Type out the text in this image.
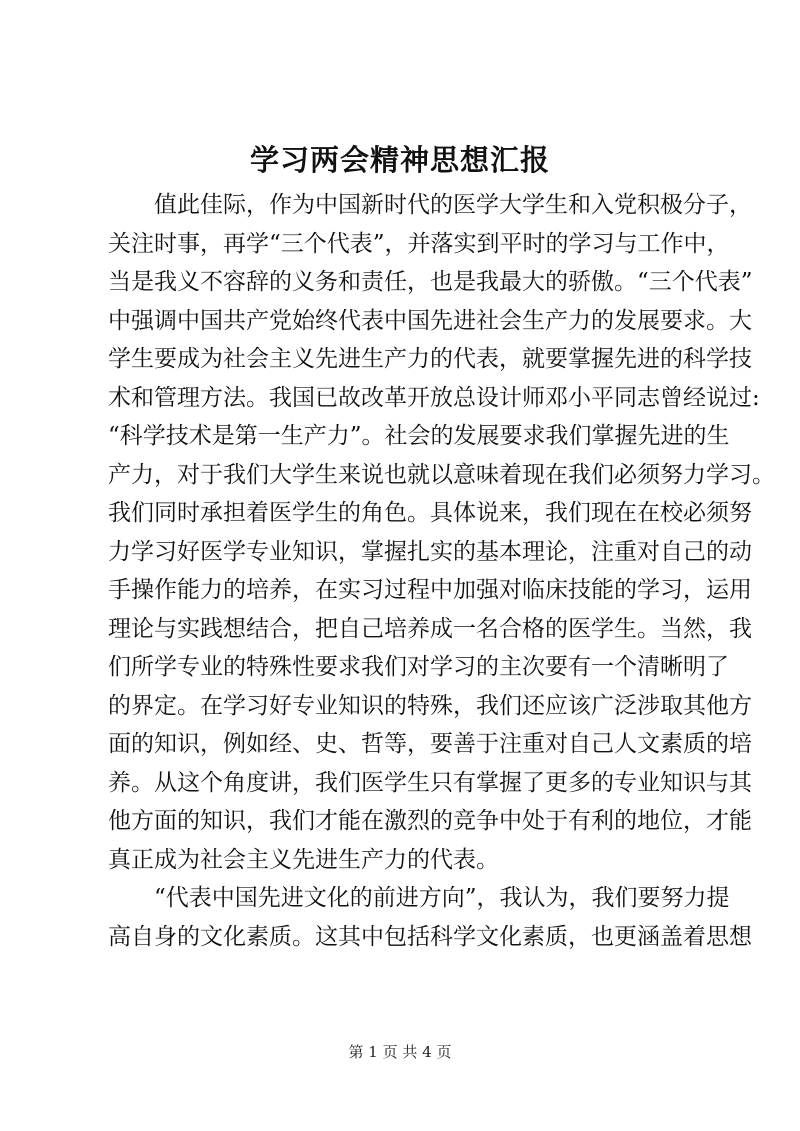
学习两会精神思想汇报
值此佳际，作为中国新时代的医学大学生和入党积极分子，
关注时事，再学“三个代表”，并落实到平时的学习与工作中，
当是我义不容辞的义务和责任，也是我最大的骄傲。“三个代表”
中强调中国共产党始终代表中国先进社会生产力的发展要求。大
学生要成为社会主义先进生产力的代表，就要掌握先进的科学技
术和管理方法。我国已故改革开放总设计师邓小平同志曾经说过:
“科学技术是第一生产力”。社会的发展要求我们掌握先进的生
产力，对于我们大学生来说也就以意味着现在我们必须努力学习。
我们同时承担着医学生的角色。具体说来，我们现在在校必须努
力学习好医学专业知识，掌握扎实的基本理论，注重对自己的动
手操作能力的培养，在实习过程中加强对临床技能的学习，运用
理论与实践想结合，把自己培养成一名合格的医学生。当然，我
们所学专业的特殊性要求我们对学习的主次要有一个清晰明了
的界定。在学习好专业知识的特殊，我们还应该广泛涉取其他方
面的知识，例如经、史、哲等，要善于注重对自己人文素质的培
养。从这个角度讲，我们医学生只有掌握了更多的专业知识与其
他方面的知识，我们才能在激烈的竞争中处于有利的地位，才能
真正成为社会主义先进生产力的代表。
“代表中国先进文化的前进方向”，我认为，我们要努力提
高自身的文化素质。这其中包括科学文化素质，也更涵盖着思想
第 1 页 共 4 页
